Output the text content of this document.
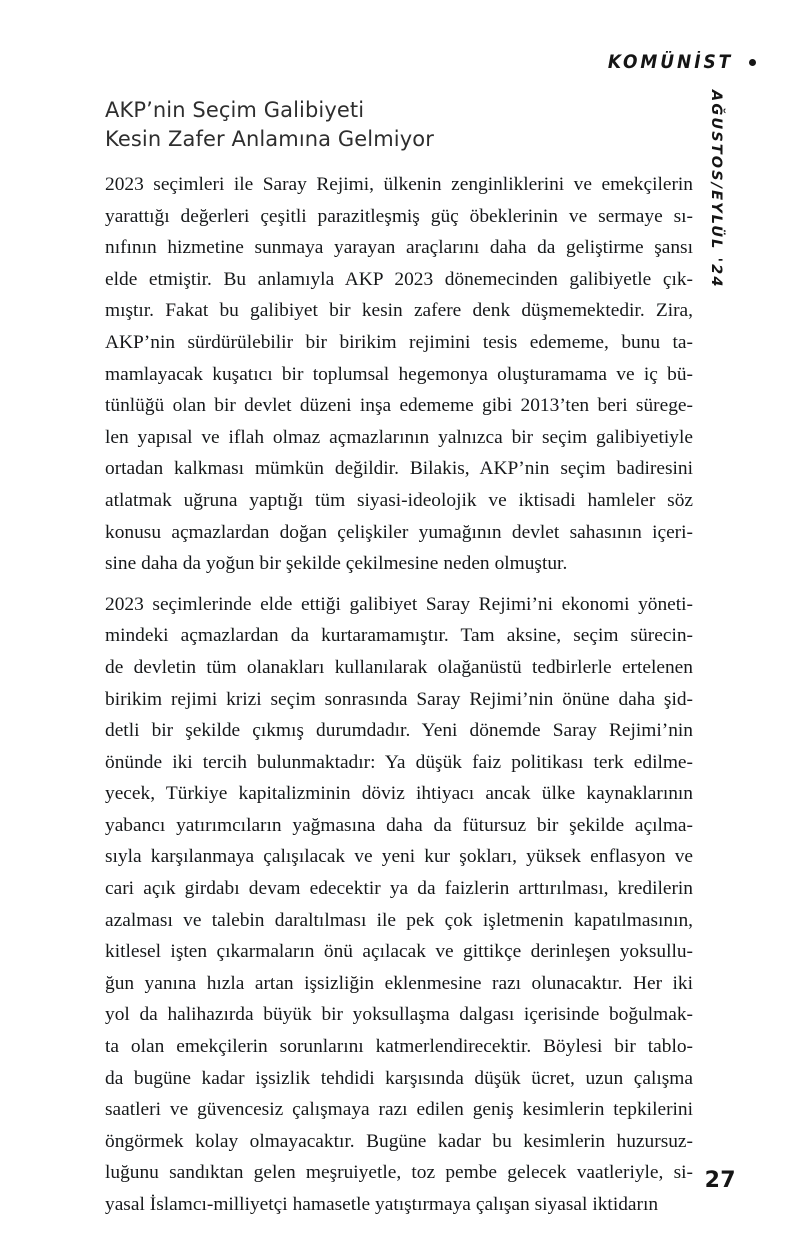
KOMÜNİST
AĞUSTOS/EYLÜL '24
AKP’nin Seçim Galibiyeti
Kesin Zafer Anlamına Gelmiyor

2023 seçimleri ile Saray Rejimi, ülkenin zenginliklerini ve emekçilerin
yarattığı değerleri çeşitli parazitleşmiş güç öbeklerinin ve sermaye sı-
nıfının hizmetine sunmaya yarayan araçlarını daha da geliştirme şansı
elde etmiştir. Bu anlamıyla AKP 2023 dönemecinden galibiyetle çık-
mıştır. Fakat bu galibiyet bir kesin zafere denk düşmemektedir. Zira,
AKP’nin sürdürülebilir bir birikim rejimini tesis edememe, bunu ta-
mamlayacak kuşatıcı bir toplumsal hegemonya oluşturamama ve iç bü-
tünlüğü olan bir devlet düzeni inşa edememe gibi 2013’ten beri sürege-
len yapısal ve iflah olmaz açmazlarının yalnızca bir seçim galibiyetiyle
ortadan kalkması mümkün değildir. Bilakis, AKP’nin seçim badiresini
atlatmak uğruna yaptığı tüm siyasi-ideolojik ve iktisadi hamleler söz
konusu açmazlardan doğan çelişkiler yumağının devlet sahasının içeri-
sine daha da yoğun bir şekilde çekilmesine neden olmuştur.

2023 seçimlerinde elde ettiği galibiyet Saray Rejimi’ni ekonomi yöneti-
mindeki açmazlardan da kurtaramamıştır. Tam aksine, seçim sürecin-
de devletin tüm olanakları kullanılarak olağanüstü tedbirlerle ertelenen
birikim rejimi krizi seçim sonrasında Saray Rejimi’nin önüne daha şid-
detli bir şekilde çıkmış durumdadır. Yeni dönemde Saray Rejimi’nin
önünde iki tercih bulunmaktadır: Ya düşük faiz politikası terk edilme-
yecek, Türkiye kapitalizminin döviz ihtiyacı ancak ülke kaynaklarının
yabancı yatırımcıların yağmasına daha da fütursuz bir şekilde açılma-
sıyla karşılanmaya çalışılacak ve yeni kur şokları, yüksek enflasyon ve
cari açık girdabı devam edecektir ya da faizlerin arttırılması, kredilerin
azalması ve talebin daraltılması ile pek çok işletmenin kapatılmasının,
kitlesel işten çıkarmaların önü açılacak ve gittikçe derinleşen yoksullu-
ğun yanına hızla artan işsizliğin eklenmesine razı olunacaktır. Her iki
yol da halihazırda büyük bir yoksullaşma dalgası içerisinde boğulmak-
ta olan emekçilerin sorunlarını katmerlendirecektir. Böylesi bir tablo-
da bugüne kadar işsizlik tehdidi karşısında düşük ücret, uzun çalışma
saatleri ve güvencesiz çalışmaya razı edilen geniş kesimlerin tepkilerini
öngörmek kolay olmayacaktır. Bugüne kadar bu kesimlerin huzursuz-
luğunu sandıktan gelen meşruiyetle, toz pembe gelecek vaatleriyle, si-
yasal İslamcı-milliyetçi hamasetle yatıştırmaya çalışan siyasal iktidarın

27
